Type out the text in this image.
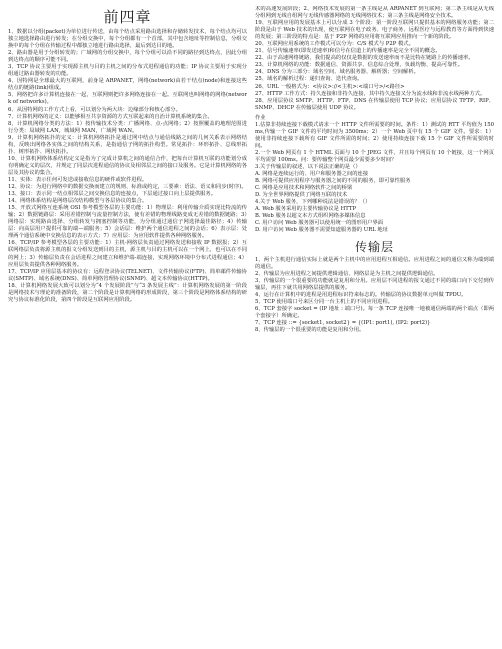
前四章

1、数据以分组(packet)为单位进行传送，由每个结点采用路由选择和存储转发技术，每个结点均可以独立地选择路由进行转发；在分组交换中，每个分组都有一个首部，其中包含地址等控制信息，分组交换中的每个分组在传输过程中都独立地进行路由选择，最后到达目的地。

2、路由器是用于分组转发的；广域网的分组交换中，每个分组可以沿不同的路径到达终点，因此分组到达终点的顺序可能不同。

3、TCP 协议主要用于实现源主机与目的主机之间的分布式进程通信的功能；IP 协议主要用于实现分组通过路由器转发的功能。

4、因特网是全球最大的互联网，前身是 ARPANET，网络(network)由若干结点(node)和连接这些结点的链路(link)组成。

5、网络把许多计算机连接在一起，互联网则把许多网络连接在一起。互联网也叫网络的网络(network of networks)。

6、从因特网的工作方式上看，可以划分为两大块：边缘部分和核心部分。

7、计算机网络的定义：以能够相互共享资源的方式互联起来的自治计算机系统的集合。

8、计算机网络分类的方法：1）按传输技术分类：广播网络、点-点网络；2）按照覆盖的地理范围进行分类：局域网 LAN，城域网 MAN，广域网 WAN。

9、计算机网络拓扑的定义：计算机网络拓扑是通过网中结点与通信线路之间的几何关系表示网络结构，反映出网络各实体之间的结构关系，是指通信子网的拓扑构型。常见拓扑：环形拓扑、总线形拓扑、树形拓扑、网状拓扑。

10、计算机网络体系结构定义是指为了完成计算机之间的通信合作，把每台计算机互联的功能划分成有明确定义的层次，并规定了同层次进程通信的协议及相邻层之间的接口及服务。它是计算机网络的各层及其协议的集合。

11、实体：表示任何可发送或接收信息的硬件或软件进程。

12、协议：为进行网络中的数据交换而建立的规则、标准或约定，三要素：语法、语义和同步(时序)。

13、接口：表示同一结点相邻层之间交换信息的连接点，下层通过接口向上层提供服务。

14、网络体系结构是网络层次结构模型与各层协议的集合。

15、开放式网络互连系统 OSI 参考模型各层的主要功能：1）物理层：利用传输介质实现比特流的传输；2）数据链路层：采用差错控制与流量控制方法，使有差错的物理线路变成无差错的数据链路；3）网络层：实现路由选择、分组转发与拥塞控制等功能，为分组通过通信子网选择最佳路径；4）传输层：向高层用户提供可靠的端—端服务；5）会话层：维护两个通信进程之间的会话；6）表示层：处理两个通信系统中交换信息的表示方式；7）应用层：为应用软件提供各种网络服务。

16、TCP/IP 参考模型各层的主要功能：1）主机-网络层负责通过网络发送和接收 IP 数据报；2）互联网络层负责将源主机的报文分组发送到目的主机，源主机与目的主机可以在一个网上，也可以在不同的网上；3）传输层负责在会话进程之间建立和维护端-端连接，实现网络环境中分布式进程通信；4）应用层负责提供各种网络服务。

17、TCP/IP 应用层基本的协议有：远程登录协议(TELNET)、文件传输协议(FTP)、简单邮件传输协议(SMTP)、域名系统(DNS)、简单网络管理协议(SNMP)、超文本传输协议(HTTP)。

18、计算机网络发展大致可以划分为“4 个发展阶段”与“3 条发展主线”：计算机网络发展的第一阶段是网络技术与理论的准备阶段，第二个阶段是计算机网络的形成阶段，第三个阶段是网络体系结构的研究与协议标准化阶段，第四个阶段是互联网应用阶段。

术的高速发展阶段；2、网络技术发展的第一条主线是从 ARPANET 到互联网；第二条主线是从无线分组网到无线自组网与无线传感器网络的无线网络技术；第三条主线是网络安全技术。

19、互联网应用的发展基本上可以分成 3 个阶段：第一阶段互联网只提供基本的网络服务功能；第二阶段是由于 Web 技术的出现，使互联网在电子政务、电子商务、远程医疗与远程教育等方面得到快速的发展；第三阶段的特点是：基于 P2P 网络的应用将互联网应用推向一个新的阶段。

20、互联网应用系统的工作模式可以分为：C/S 模式与 P2P 模式。

21、信号传输速率(即发送速率)和信号在信道上的传播速率是完全不同的概念。

22、由于高速网络链路，我们提高的仅仅是数据的发送速率而不是比特在链路上的传播速率。

23、计算机网络的功能：数据通信、资源共享、信息综合处理、负载均衡、提高可靠性。

24、DNS 分为三部分：域名空间、域名服务器、解析器；空间解析。

25、域名的解析过程：递归查询、迭代查询。

26、URL 一般格式为：<协议>://<主机>:<端口号>/<路径>

27、HTTP 工作方式：持久连接和非持久连接，其中持久连接又分为流水线和非流水线两种方式。

28、应用层协议 SMTP、HTTP、FTP、DNS 在传输层使用 TCP 协议；应用层协议 TFTP、RIP、SNMP、DHCP 在传输层使用 UDP 协议。

作业

1.估算非持续连接下载模式请求一个 HTTP 文件所需要的时间。条件：1）测试的 RTT 平均值为 150ms,传输一个 GIF 文件的平均时间为 3500ms；2）一个 Web 页中有 15 个 GIF 文件。要求：1）使用非持续连接下载所有 GIF 文件所需的时间；2）使用持续连接下载 15 个 GIF 文件所需要的时间。

2.一个 Web 网页有 1 个 HTML 页面与 10 个 JPEG 文件，并且每个网页有 10 个链接，这一个网页平均需要 100ms。问：要传输整个网页最少需要多少时间？

3.关于传输层的叙述，以下说法正确的是（）

A. 网络是连续运行的、用户和服务器之间的连接

B. 网络可提供应用程序与服务器之间的不同的服务，即可靠性服务

C. 网络是应用技术和网络软件之间的桥梁

D. 为全世界网络提供了网络互联的技术

4.关于 Web 服务，下列哪种说法是错误的？（）

A. Web 服务采用的主要传输协议是 HTTP

B. Web 服务以超文本方式组织网络多媒体信息

C. 用户访问 Web 服务器可以使用统一的图形用户界面

D. 用户访问 Web 服务器不需要知道服务器的 URL 地址

传输层

1、两个主机进行通信实际上就是两个主机中的应用进程互相通信。应用进程之间的通信又称为端到端的通信。

2、传输层为应用进程之间提供逻辑通信，网络层是为主机之间提供逻辑通信。

3、传输层的一个很重要的功能就是复用和分用。应用层不同进程的报文通过不同的端口向下交付到传输层，再往下就共用网络层提供的服务。

4、运行在计算机中的进程是用进程标识符来标志的。传输层的协议数据单元叫做 TPDU。

5、TCP 使用端口号来区分同一台主机上的不同应用进程。

6、TCP 套接字 socket = (IP 地址 : 端口号)。每一条 TCP 连接唯一地被通信两端的两个端点（即两个套接字）所确定。

7、TCP 连接 ::= {socket1, socket2} = {(IP1: port1), (IP2: port2)}

8、传输层的一个很重要的功能是复用和分用。
